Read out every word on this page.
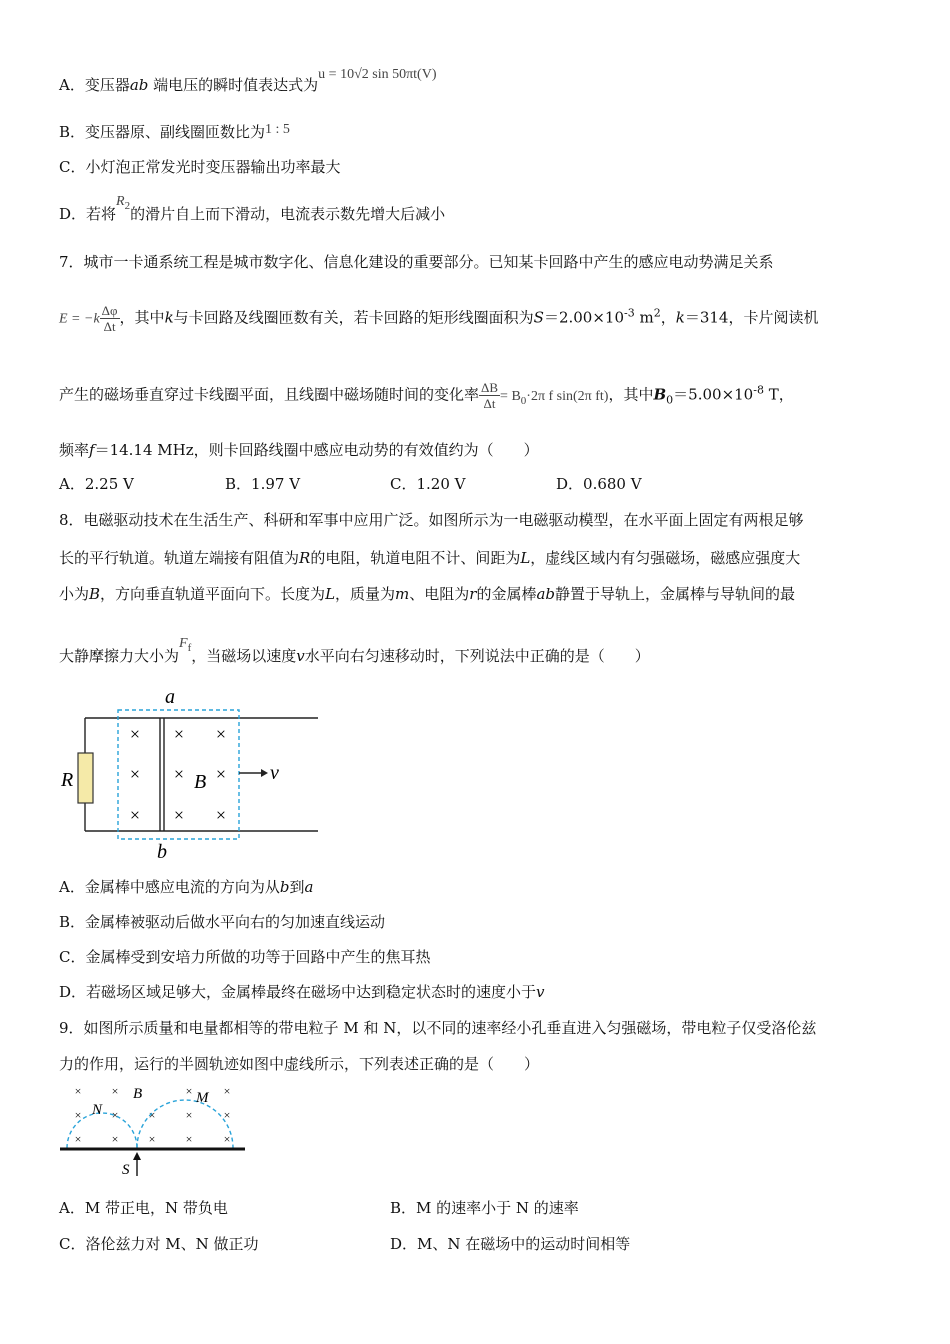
A．变压器ab 端电压的瞬时值表达式为u = 10√2 sin 50πt(V)
B．变压器原、副线圈匝数比为1 : 5
C．小灯泡正常发光时变压器输出功率最大
D．若将$R_2$的滑片自上而下滑动，电流表示数先增大后减小
7．城市一卡通系统工程是城市数字化、信息化建设的重要部分。已知某卡回路中产生的感应电动势满足关系
$E = -k \frac{\Delta\varphi}{\Delta t}$ ，其中k与卡回路及线圈匝数有关，若卡回路的矩形线圈面积为$S=2.00\times 10^{-3}$ $m^2$，k＝314，卡片阅读机
产生的磁场垂直穿过卡线圈平面，且线圈中磁场随时间的变化率 $\frac{\Delta B}{\Delta t} = B_0\cdot 2\pi$ f sin(2π ft)，其中$B_0=5.00\times 10^{-8}$ T，
频率f＝14.14 MHz，则卡回路线圈中感应电动势的有效值约为（　　）
A．2.25 V	B．1.97 V	C．1.20 V	D．0.680 V
8．电磁驱动技术在生活生产、科研和军事中应用广泛。如图所示为一电磁驱动模型，在水平面上固定有两根足够
长的平行轨道。轨道左端接有阻值为R的电阻，轨道电阻不计、间距为L，虚线区域内有匀强磁场，磁感应强度大
小为B，方向垂直轨道平面向下。长度为L，质量为m、电阻为r的金属棒ab静置于导轨上，金属棒与导轨间的最
大静摩擦力大小为$F_f$，当磁场以速度v水平向右匀速移动时，下列说法中正确的是（　　）
×
×
×
×
×
×
×
×
×
a
b
R	B	v
A．金属棒中感应电流的方向为从b到a
B．金属棒被驱动后做水平向右的匀加速直线运动
C．金属棒受到安培力所做的功等于回路中产生的焦耳热
D．若磁场区域足够大，金属棒最终在磁场中达到稳定状态时的速度小于v
9．如图所示质量和电量都相等的带电粒子 M 和 N，以不同的速率经小孔垂直进入匀强磁场，带电粒子仅受洛伦兹
力的作用，运行的半圆轨迹如图中虚线所示，下列表述正确的是（　　）
×	×	×	×
×	×	×	×	×
×	×	×	×	×
N
B	M
S
A．M 带正电，N 带负电	B．M 的速率小于 N 的速率
C．洛伦兹力对 M、N 做正功	D．M、N 在磁场中的运动时间相等
